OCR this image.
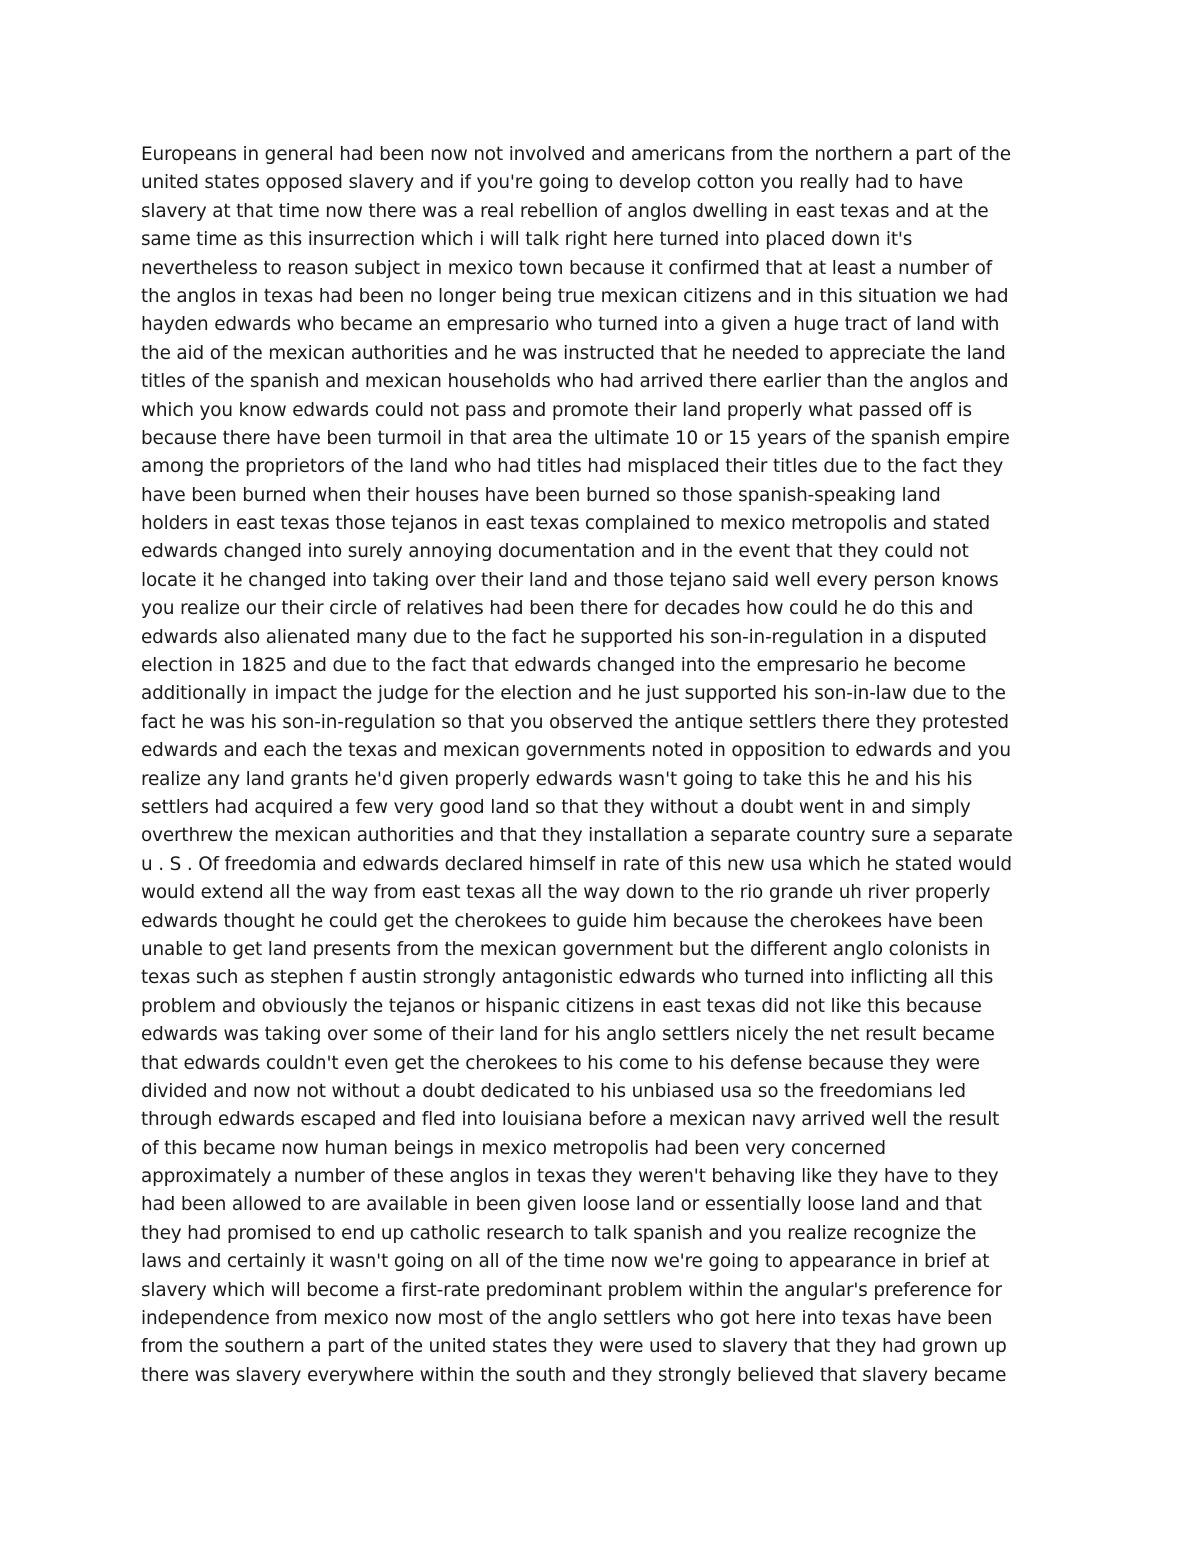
Europeans in general had been now not involved and americans from the northern a part of the
united states opposed slavery and if you're going to develop cotton you really had to have
slavery at that time now there was a real rebellion of anglos dwelling in east texas and at the
same time as this insurrection which i will talk right here turned into placed down it's
nevertheless to reason subject in mexico town because it confirmed that at least a number of
the anglos in texas had been no longer being true mexican citizens and in this situation we had
hayden edwards who became an empresario who turned into a given a huge tract of land with
the aid of the mexican authorities and he was instructed that he needed to appreciate the land
titles of the spanish and mexican households who had arrived there earlier than the anglos and
which you know edwards could not pass and promote their land properly what passed off is
because there have been turmoil in that area the ultimate 10 or 15 years of the spanish empire
among the proprietors of the land who had titles had misplaced their titles due to the fact they
have been burned when their houses have been burned so those spanish-speaking land
holders in east texas those tejanos in east texas complained to mexico metropolis and stated
edwards changed into surely annoying documentation and in the event that they could not
locate it he changed into taking over their land and those tejano said well every person knows
you realize our their circle of relatives had been there for decades how could he do this and
edwards also alienated many due to the fact he supported his son-in-regulation in a disputed
election in 1825 and due to the fact that edwards changed into the empresario he become
additionally in impact the judge for the election and he just supported his son-in-law due to the
fact he was his son-in-regulation so that you observed the antique settlers there they protested
edwards and each the texas and mexican governments noted in opposition to edwards and you
realize any land grants he'd given properly edwards wasn't going to take this he and his his
settlers had acquired a few very good land so that they without a doubt went in and simply
overthrew the mexican authorities and that they installation a separate country sure a separate
u . S . Of freedomia and edwards declared himself in rate of this new usa which he stated would
would extend all the way from east texas all the way down to the rio grande uh river properly
edwards thought he could get the cherokees to guide him because the cherokees have been
unable to get land presents from the mexican government but the different anglo colonists in
texas such as stephen f austin strongly antagonistic edwards who turned into inflicting all this
problem and obviously the tejanos or hispanic citizens in east texas did not like this because
edwards was taking over some of their land for his anglo settlers nicely the net result became
that edwards couldn't even get the cherokees to his come to his defense because they were
divided and now not without a doubt dedicated to his unbiased usa so the freedomians led
through edwards escaped and fled into louisiana before a mexican navy arrived well the result
of this became now human beings in mexico metropolis had been very concerned
approximately a number of these anglos in texas they weren't behaving like they have to they
had been allowed to are available in been given loose land or essentially loose land and that
they had promised to end up catholic research to talk spanish and you realize recognize the
laws and certainly it wasn't going on all of the time now we're going to appearance in brief at
slavery which will become a first-rate predominant problem within the angular's preference for
independence from mexico now most of the anglo settlers who got here into texas have been
from the southern a part of the united states they were used to slavery that they had grown up
there was slavery everywhere within the south and they strongly believed that slavery became
